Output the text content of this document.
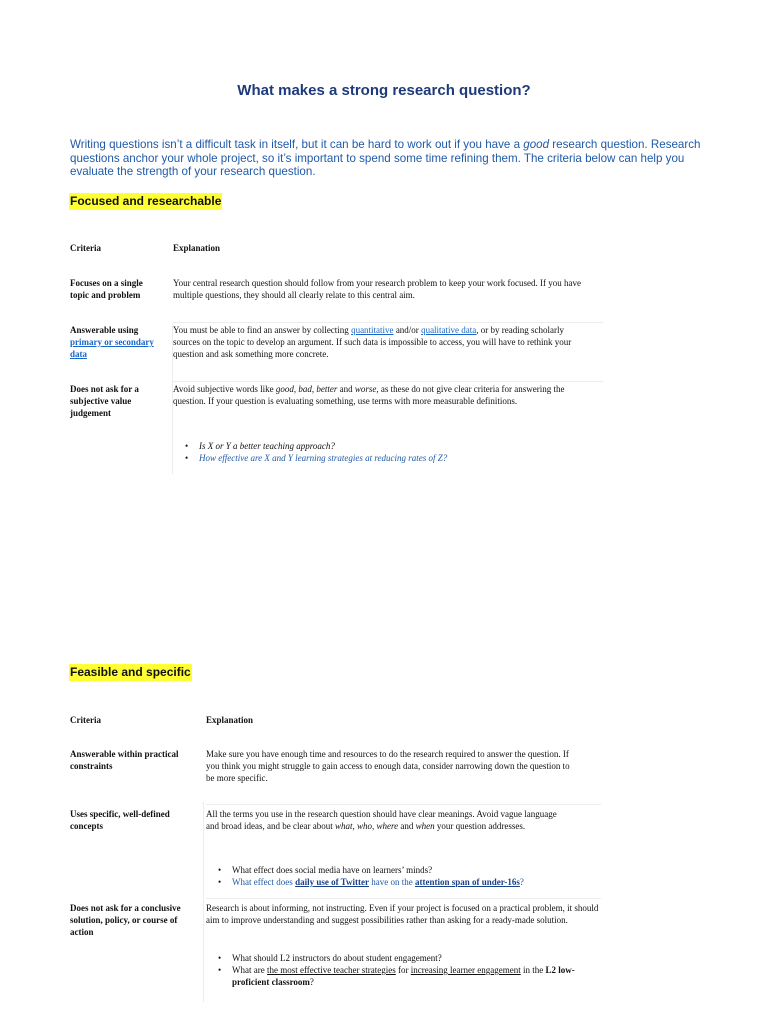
What makes a strong research question?
Writing questions isn’t a difficult task in itself, but it can be hard to work out if you have a good research question. Research questions anchor your whole project, so it’s important to spend some time refining them. The criteria below can help you evaluate the strength of your research question.
Focused and researchable
Criteria	Explanation
Focuses on a single topic and problem
Your central research question should follow from your research problem to keep your work focused. If you have multiple questions, they should all clearly relate to this central aim.
Answerable using primary or secondary data
You must be able to find an answer by collecting quantitative and/or qualitative data, or by reading scholarly sources on the topic to develop an argument. If such data is impossible to access, you will have to rethink your question and ask something more concrete.
Does not ask for a subjective value judgement
Avoid subjective words like good, bad, better and worse, as these do not give clear criteria for answering the question. If your question is evaluating something, use terms with more measurable definitions.
• Is X or Y a better teaching approach?
• How effective are X and Y learning strategies at reducing rates of Z?
Feasible and specific
Criteria	Explanation
Answerable within practical constraints
Make sure you have enough time and resources to do the research required to answer the question. If you think you might struggle to gain access to enough data, consider narrowing down the question to be more specific.
Uses specific, well-defined concepts
All the terms you use in the research question should have clear meanings. Avoid vague language and broad ideas, and be clear about what, who, where and when your question addresses.
• What effect does social media have on learners’ minds?
• What effect does daily use of Twitter have on the attention span of under-16s?
Does not ask for a conclusive solution, policy, or course of action
Research is about informing, not instructing. Even if your project is focused on a practical problem, it should aim to improve understanding and suggest possibilities rather than asking for a ready-made solution.
• What should L2 instructors do about student engagement?
• What are the most effective teacher strategies for increasing learner engagement in the L2 low-proficient classroom?
